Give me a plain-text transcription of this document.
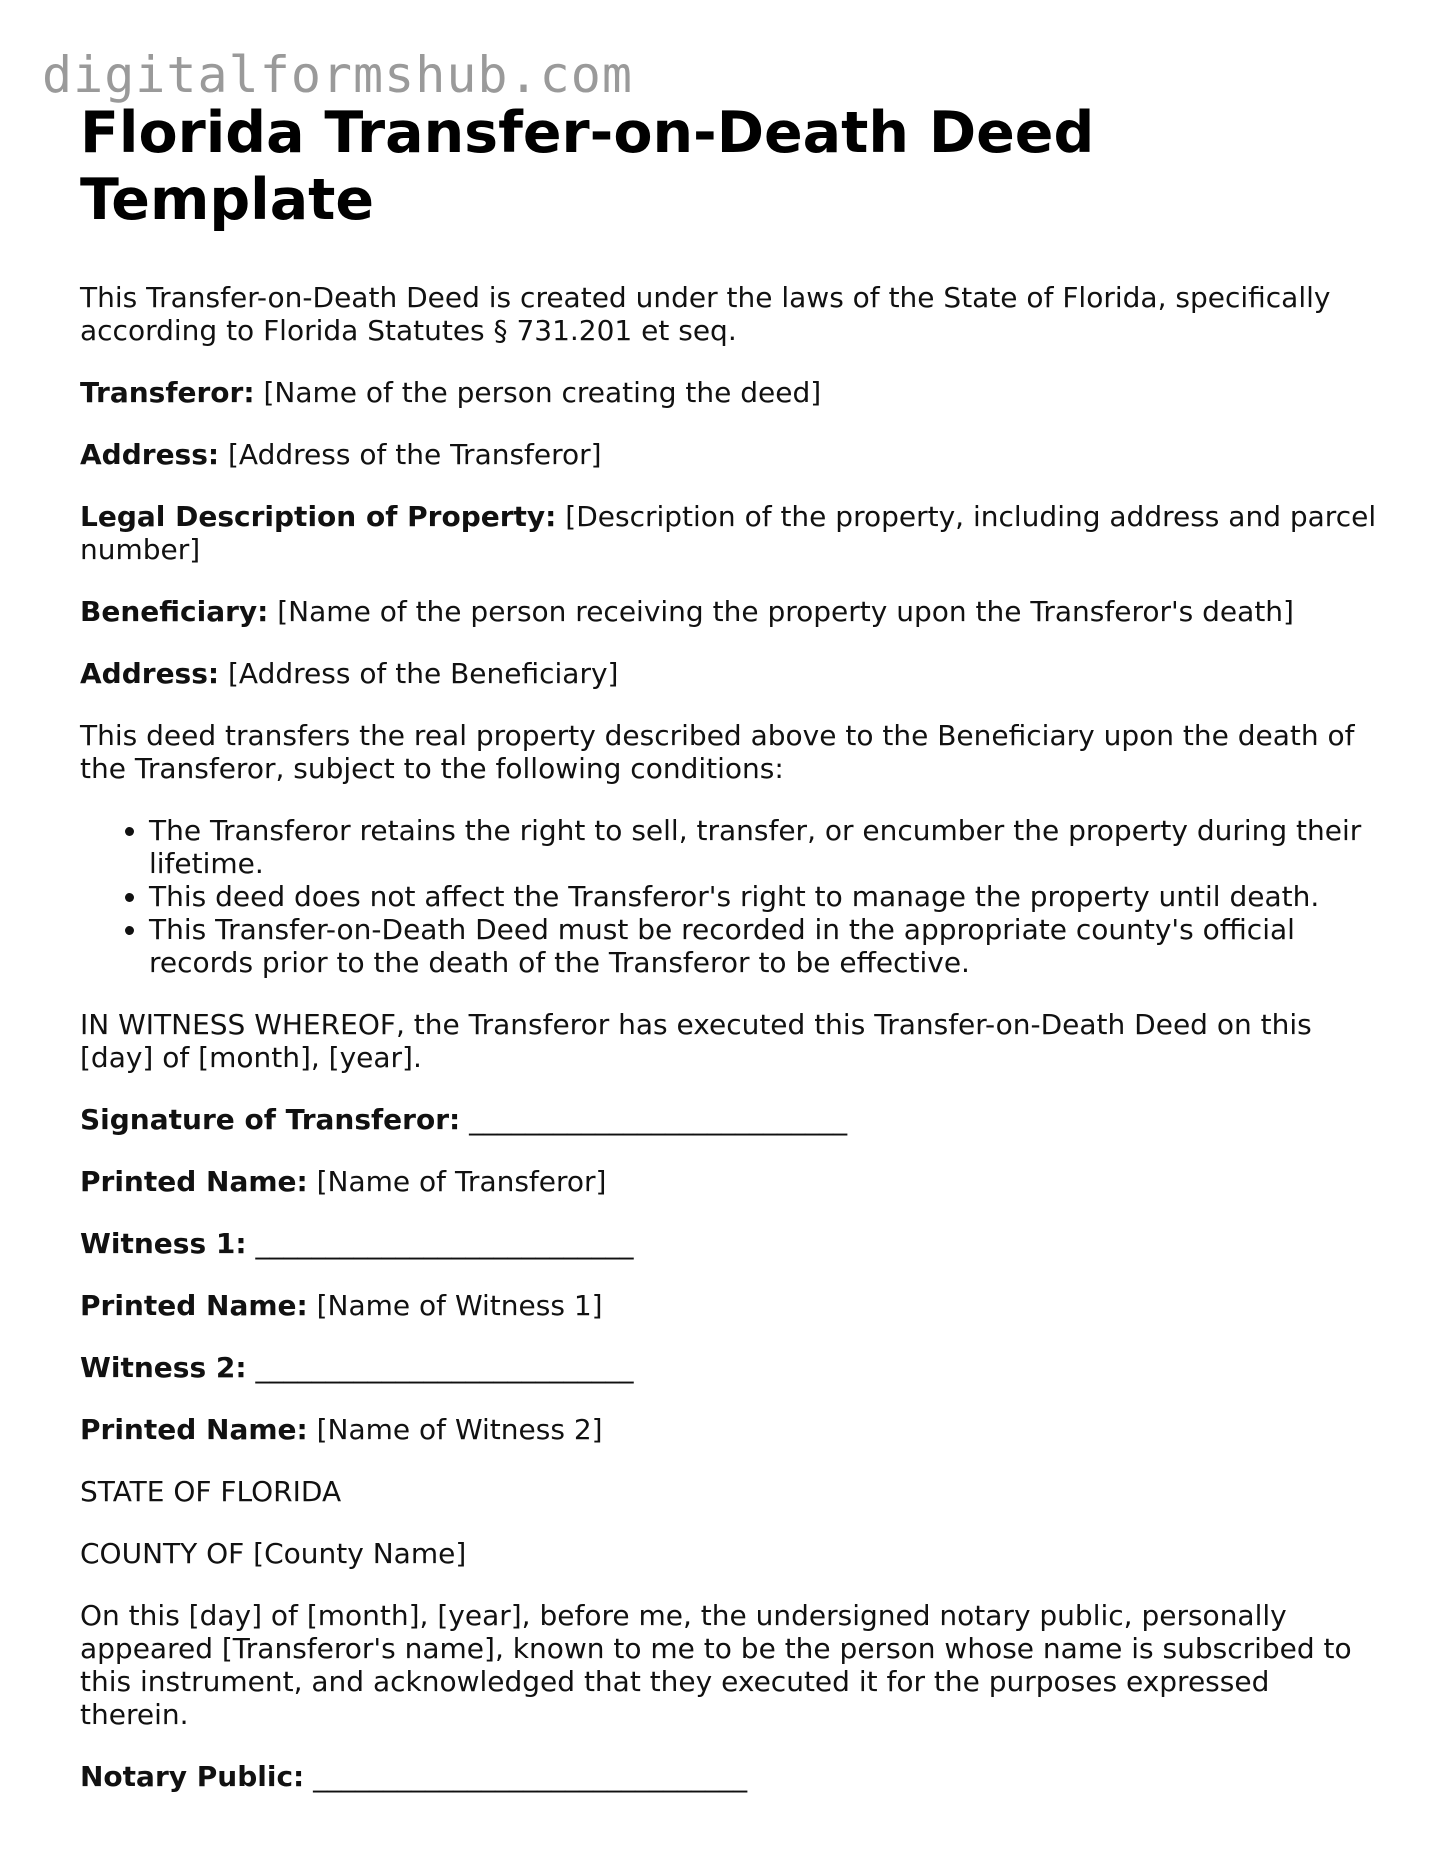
digitalformshub.com
Florida Transfer-on-Death Deed Template

This Transfer-on-Death Deed is created under the laws of the State of Florida, specifically according to Florida Statutes § 731.201 et seq.

Transferor: [Name of the person creating the deed]

Address: [Address of the Transferor]

Legal Description of Property: [Description of the property, including address and parcel number]

Beneficiary: [Name of the person receiving the property upon the Transferor's death]

Address: [Address of the Beneficiary]

This deed transfers the real property described above to the Beneficiary upon the death of the Transferor, subject to the following conditions:

• The Transferor retains the right to sell, transfer, or encumber the property during their lifetime.
• This deed does not affect the Transferor's right to manage the property until death.
• This Transfer-on-Death Deed must be recorded in the appropriate county's official records prior to the death of the Transferor to be effective.

IN WITNESS WHEREOF, the Transferor has executed this Transfer-on-Death Deed on this [day] of [month], [year].

Signature of Transferor: ___________________________

Printed Name: [Name of Transferor]

Witness 1: ___________________________

Printed Name: [Name of Witness 1]

Witness 2: ___________________________

Printed Name: [Name of Witness 2]

STATE OF FLORIDA

COUNTY OF [County Name]

On this [day] of [month], [year], before me, the undersigned notary public, personally appeared [Transferor's name], known to me to be the person whose name is subscribed to this instrument, and acknowledged that they executed it for the purposes expressed therein.

Notary Public: _______________________________
